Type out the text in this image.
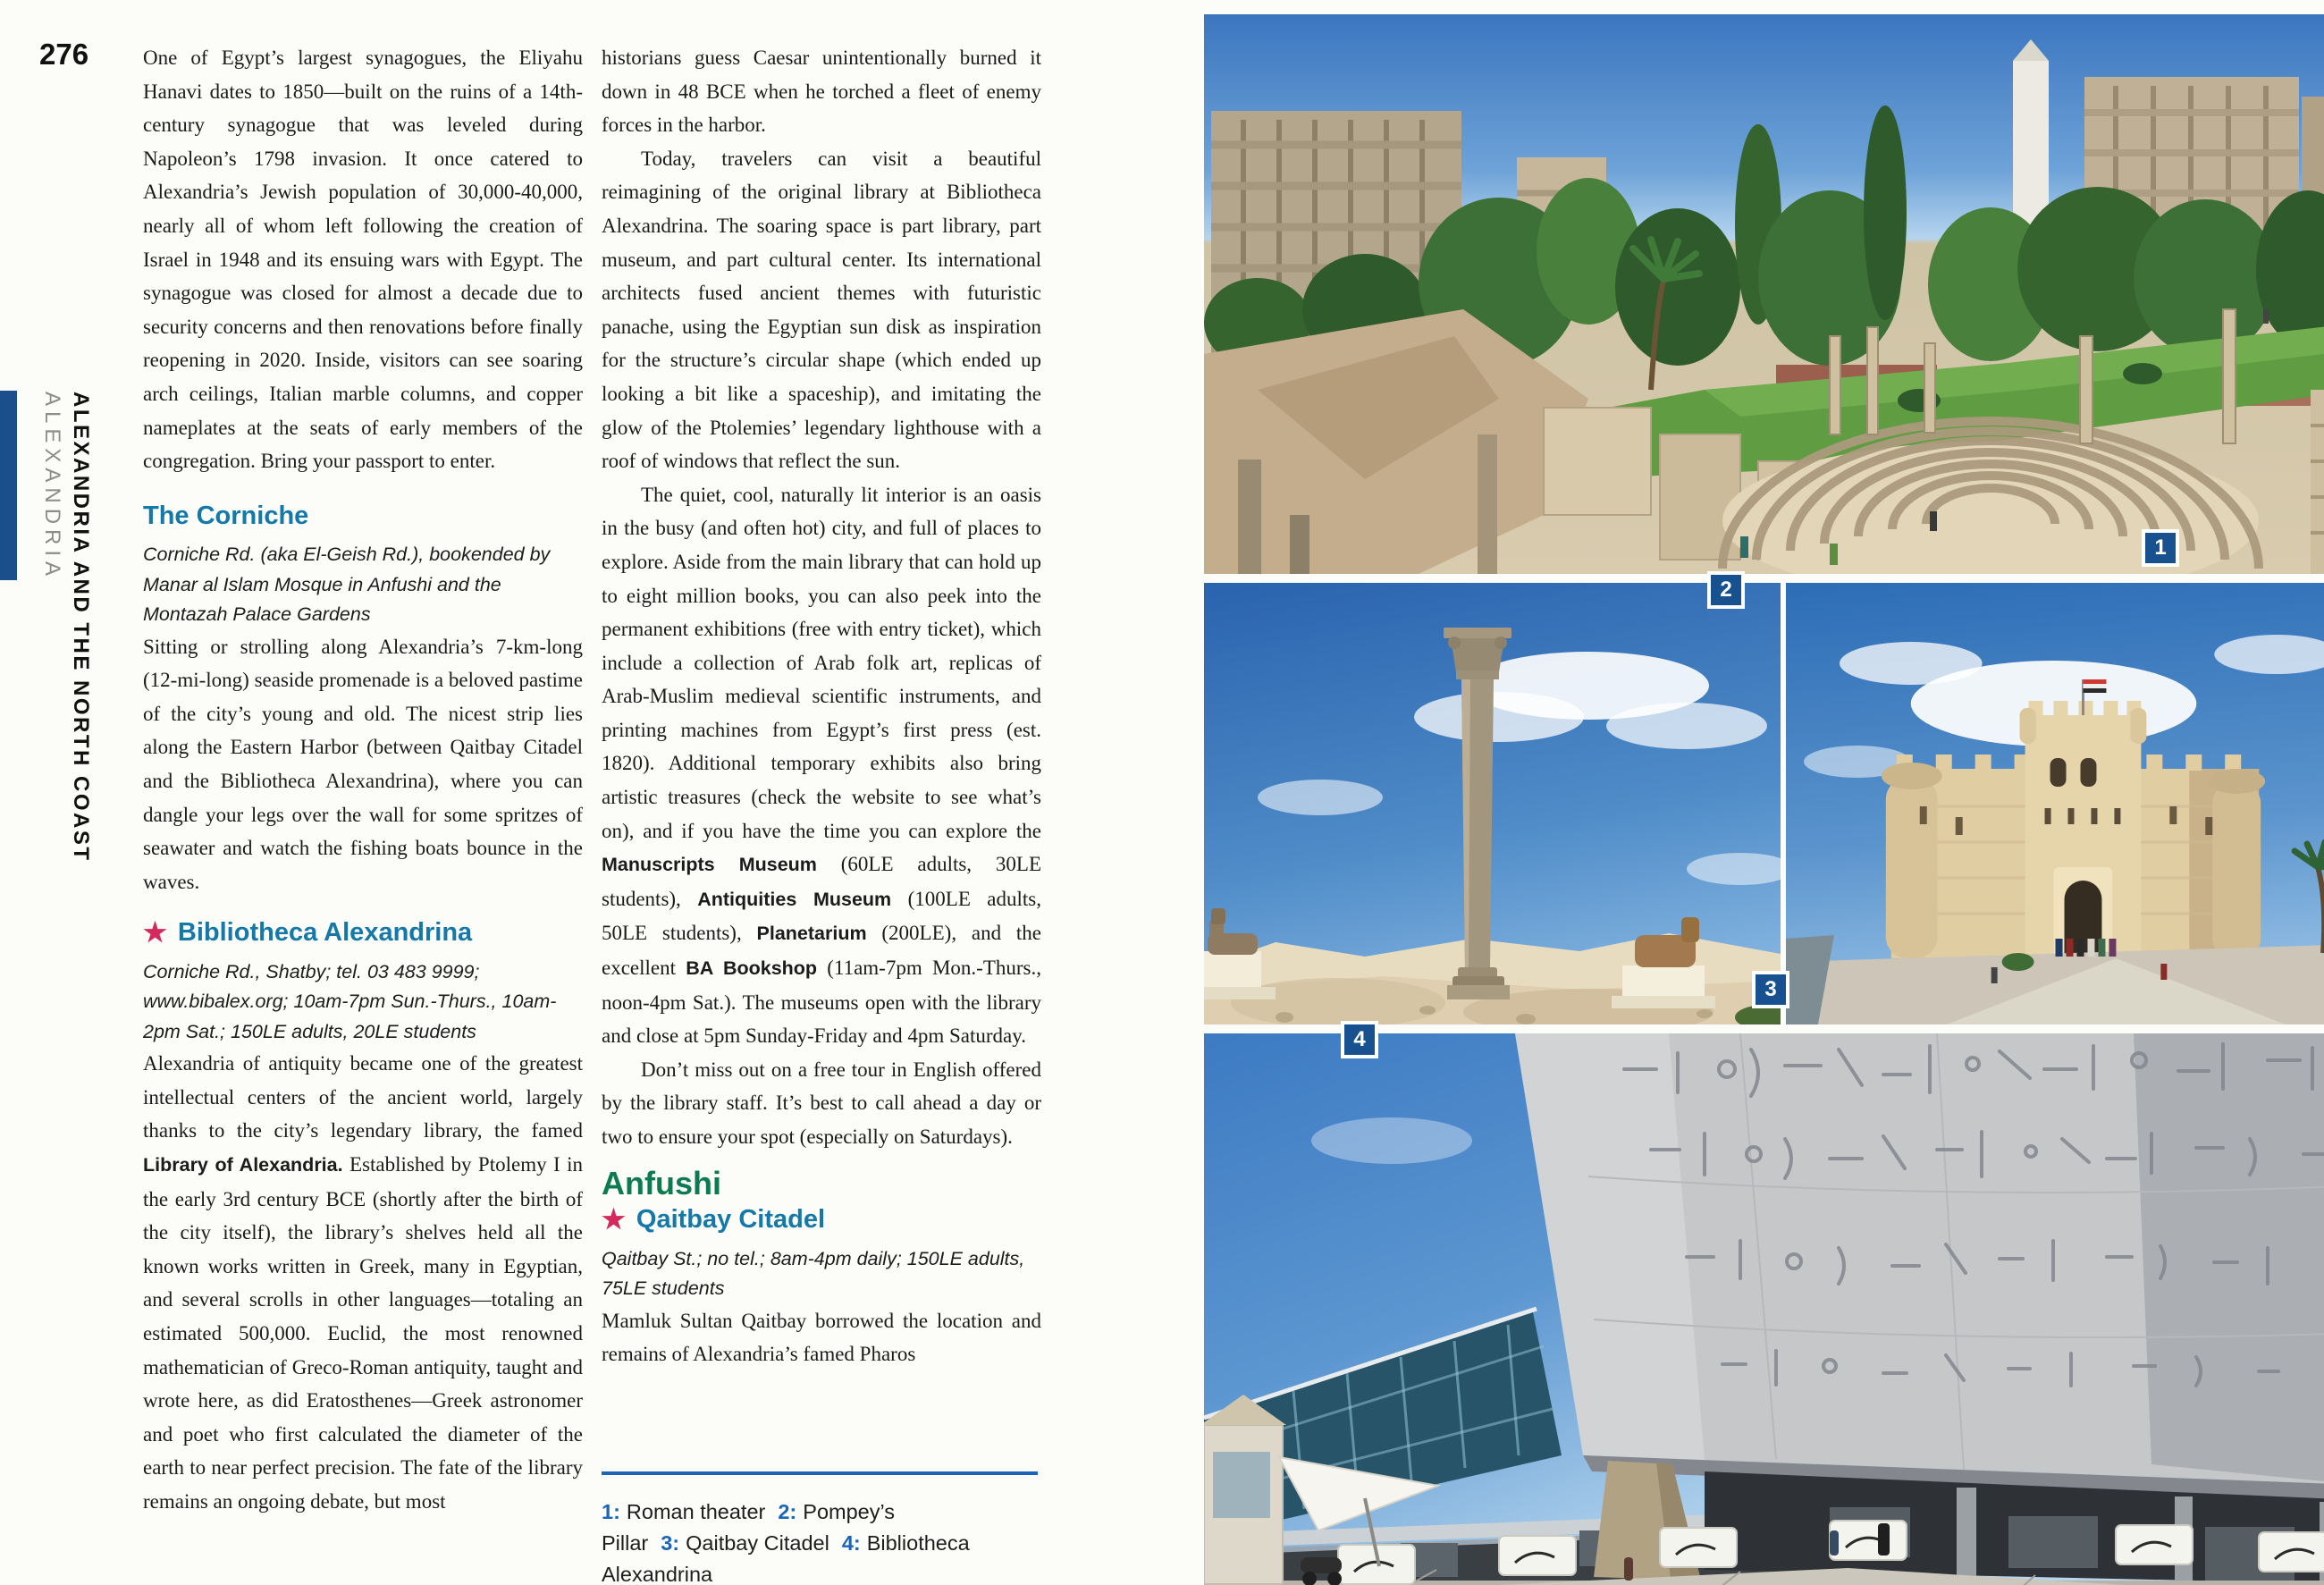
276
ALEXANDRIA ALEXANDRIA AND THE NORTH COAST

One of Egypt’s largest synagogues, the Eliyahu Hanavi dates to 1850—built on the ruins of a 14th-century synagogue that was leveled during Napoleon’s 1798 invasion. It once catered to Alexandria’s Jewish population of 30,000-40,000, nearly all of whom left following the creation of Israel in 1948 and its ensuing wars with Egypt. The synagogue was closed for almost a decade due to security concerns and then renovations before finally reopening in 2020. Inside, visitors can see soaring arch ceilings, Italian marble columns, and copper nameplates at the seats of early members of the congregation. Bring your passport to enter.

The Corniche

Corniche Rd. (aka El-Geish Rd.), bookended by Manar al Islam Mosque in Anfushi and the Montazah Palace Gardens

Sitting or strolling along Alexandria’s 7-km-long (12-mi-long) seaside promenade is a beloved pastime of the city’s young and old. The nicest strip lies along the Eastern Harbor (between Qaitbay Citadel and the Bibliotheca Alexandrina), where you can dangle your legs over the wall for some spritzes of seawater and watch the fishing boats bounce in the waves.

★ Bibliotheca Alexandrina

Corniche Rd., Shatby; tel. 03 483 9999; www.bibalex.org; 10am-7pm Sun.-Thurs., 10am-2pm Sat.; 150LE adults, 20LE students

Alexandria of antiquity became one of the greatest intellectual centers of the ancient world, largely thanks to the city’s legendary library, the famed Library of Alexandria. Established by Ptolemy I in the early 3rd century BCE (shortly after the birth of the city itself), the library’s shelves held all the known works written in Greek, many in Egyptian, and several scrolls in other languages—totaling an estimated 500,000. Euclid, the most renowned mathematician of Greco-Roman antiquity, taught and wrote here, as did Eratosthenes—Greek astronomer and poet who first calculated the diameter of the earth to near perfect precision. The fate of the library remains an ongoing debate, but most

historians guess Caesar unintentionally burned it down in 48 BCE when he torched a fleet of enemy forces in the harbor.

Today, travelers can visit a beautiful reimagining of the original library at Bibliotheca Alexandrina. The soaring space is part library, part museum, and part cultural center. Its international architects fused ancient themes with futuristic panache, using the Egyptian sun disk as inspiration for the structure’s circular shape (which ended up looking a bit like a spaceship), and imitating the glow of the Ptolemies’ legendary lighthouse with a roof of windows that reflect the sun.

The quiet, cool, naturally lit interior is an oasis in the busy (and often hot) city, and full of places to explore. Aside from the main library that can hold up to eight million books, you can also peek into the permanent exhibitions (free with entry ticket), which include a collection of Arab folk art, replicas of Arab-Muslim medieval scientific instruments, and printing machines from Egypt’s first press (est. 1820). Additional temporary exhibits also bring artistic treasures (check the website to see what’s on), and if you have the time you can explore the Manuscripts Museum (60LE adults, 30LE students), Antiquities Museum (100LE adults, 50LE students), Planetarium (200LE), and the excellent BA Bookshop (11am-7pm Mon.-Thurs., noon-4pm Sat.). The museums open with the library and close at 5pm Sunday-Friday and 4pm Saturday.

Don’t miss out on a free tour in English offered by the library staff. It’s best to call ahead a day or two to ensure your spot (especially on Saturdays).

Anfushi
★ Qaitbay Citadel

Qaitbay St.; no tel.; 8am-4pm daily; 150LE adults, 75LE students

Mamluk Sultan Qaitbay borrowed the location and remains of Alexandria’s famed Pharos

1: Roman theater 2: Pompey’s Pillar 3: Qaitbay Citadel 4: Bibliotheca Alexandrina

1
2
3
4
